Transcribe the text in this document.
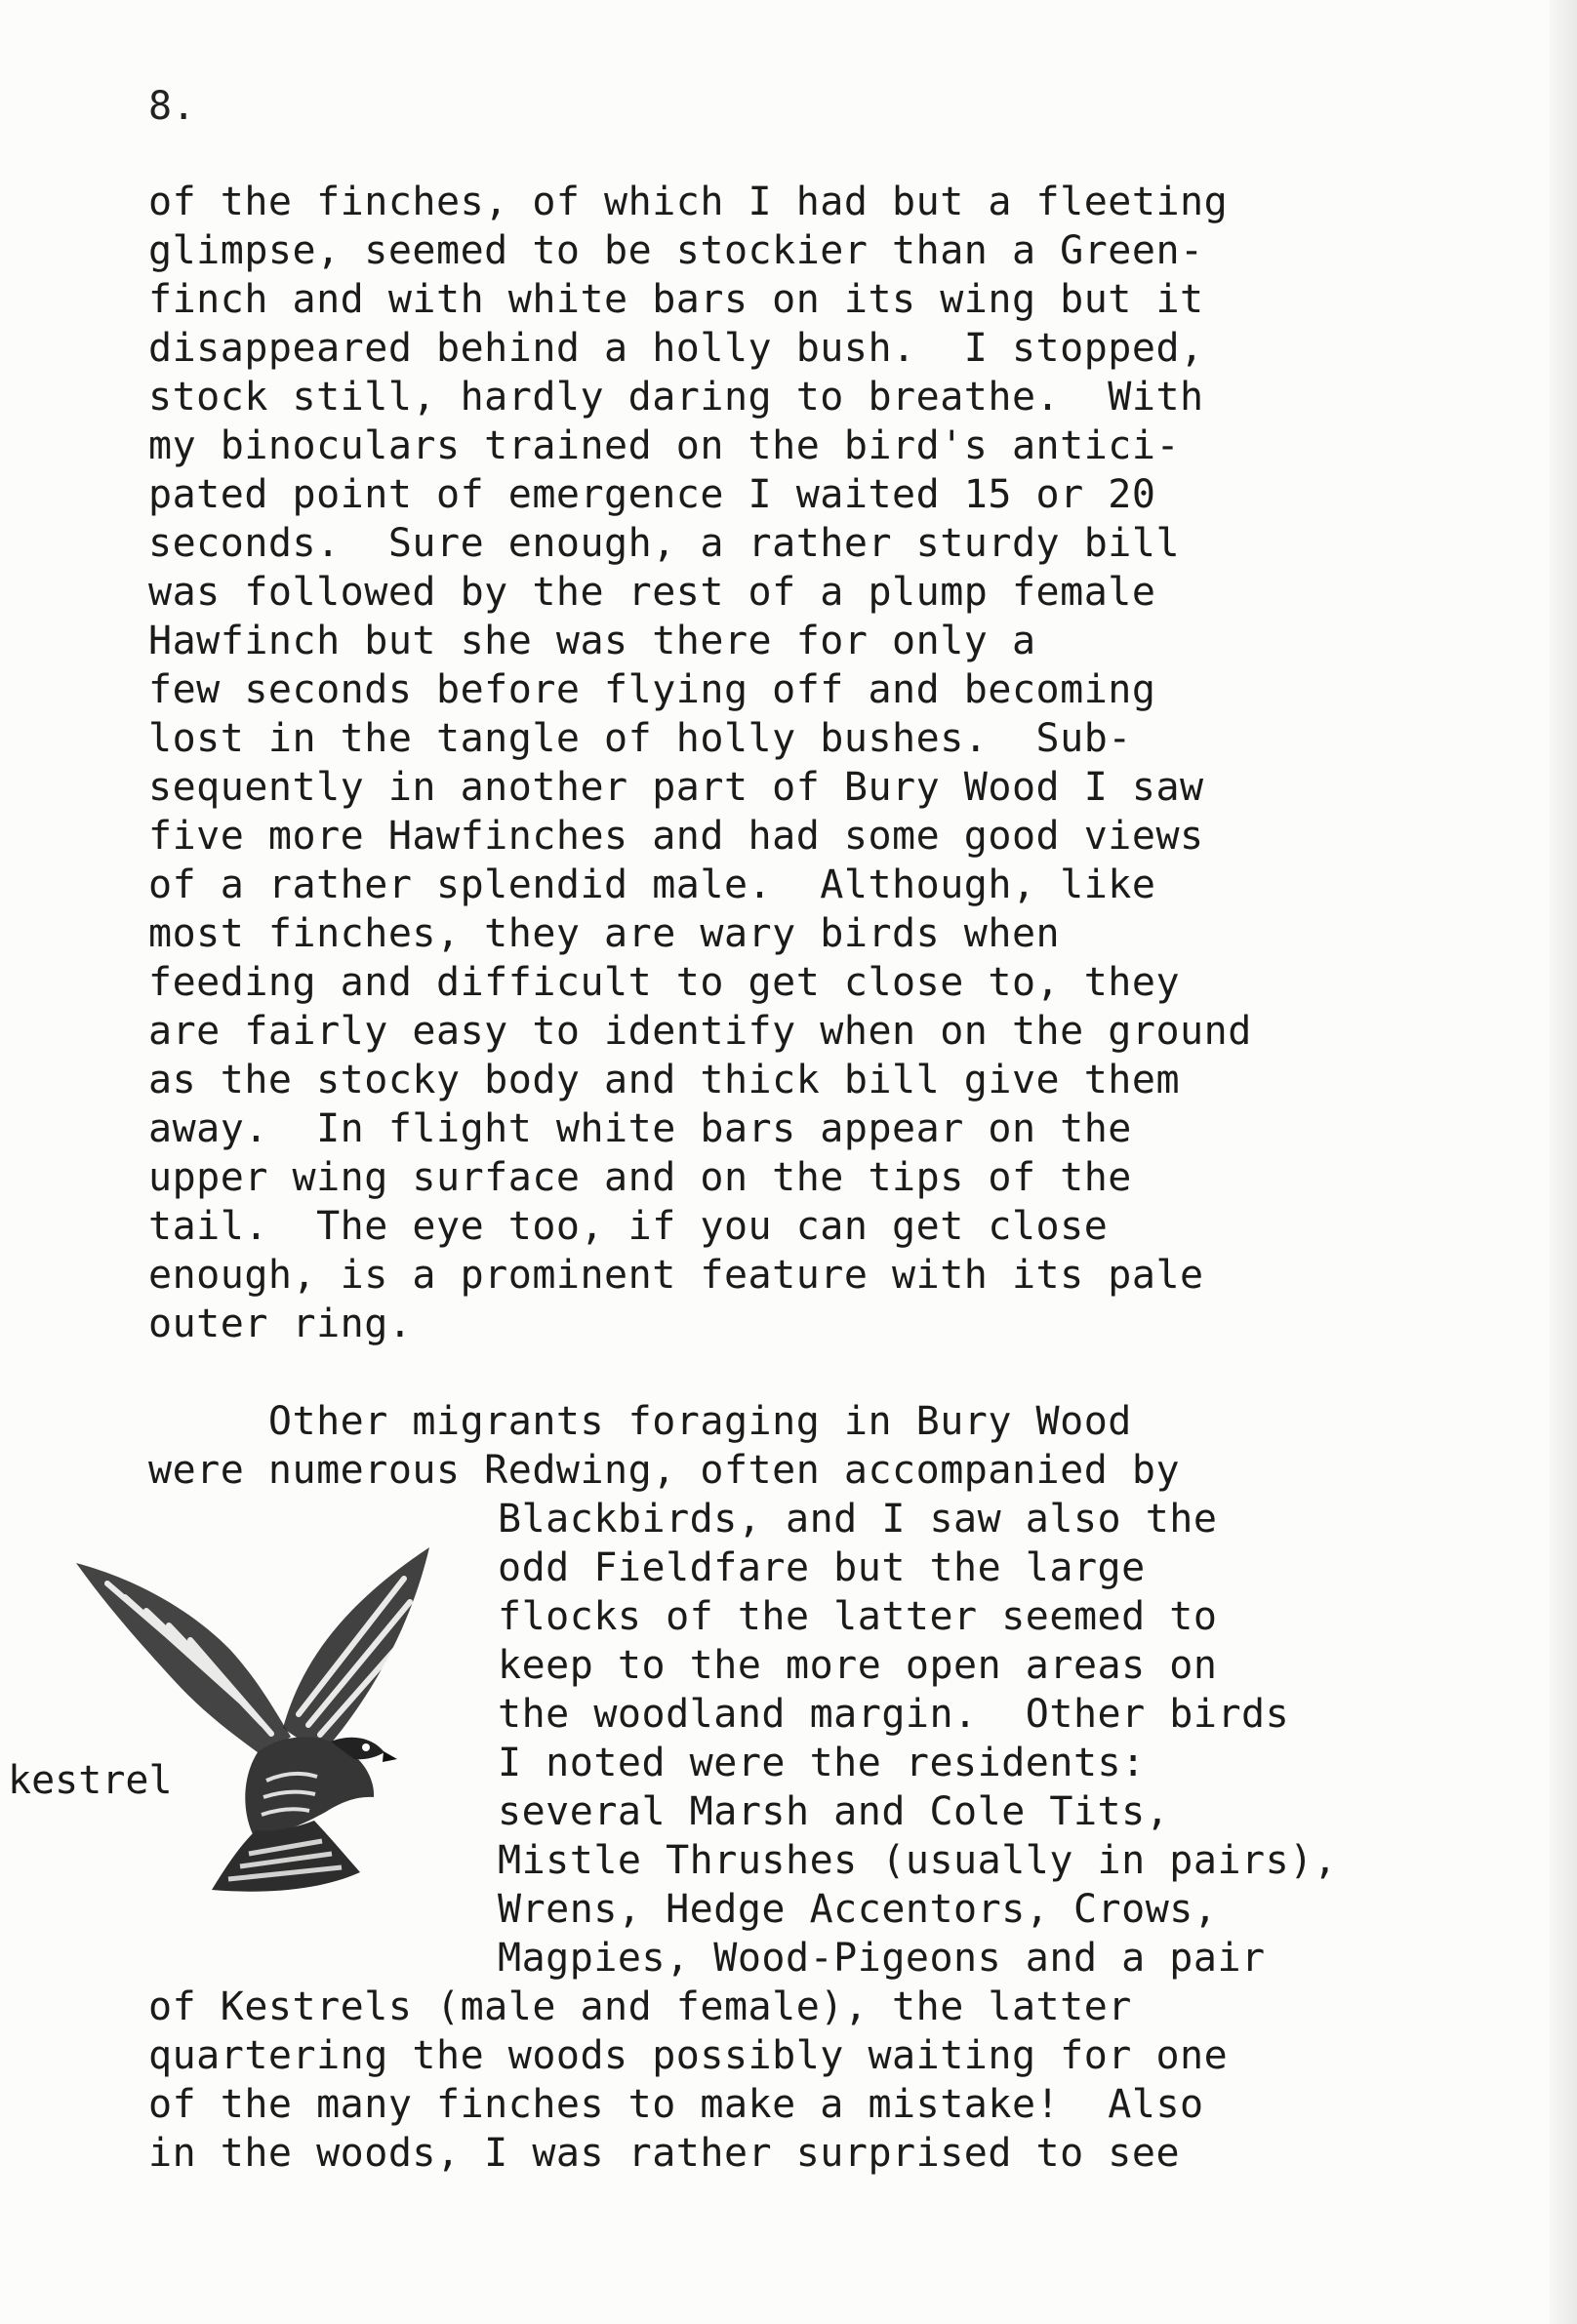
8.
of the finches, of which I had but a fleeting
glimpse, seemed to be stockier than a Green-
finch and with white bars on its wing but it
disappeared behind a holly bush.  I stopped,
stock still, hardly daring to breathe.  With
my binoculars trained on the bird's antici-
pated point of emergence I waited 15 or 20
seconds.  Sure enough, a rather sturdy bill
was followed by the rest of a plump female
Hawfinch but she was there for only a
few seconds before flying off and becoming
lost in the tangle of holly bushes.  Sub-
sequently in another part of Bury Wood I saw
five more Hawfinches and had some good views
of a rather splendid male.  Although, like
most finches, they are wary birds when
feeding and difficult to get close to, they
are fairly easy to identify when on the ground
as the stocky body and thick bill give them
away.  In flight white bars appear on the
upper wing surface and on the tips of the
tail.  The eye too, if you can get close
enough, is a prominent feature with its pale
outer ring.
Other migrants foraging in Bury Wood
were numerous Redwing, often accompanied by
Blackbirds, and I saw also the
odd Fieldfare but the large
flocks of the latter seemed to
keep to the more open areas on
the woodland margin.  Other birds
I noted were the residents:
several Marsh and Cole Tits,
Mistle Thrushes (usually in pairs),
Wrens, Hedge Accentors, Crows,
Magpies, Wood-Pigeons and a pair
of Kestrels (male and female), the latter
quartering the woods possibly waiting for one
of the many finches to make a mistake!  Also
in the woods, I was rather surprised to see
kestrel
